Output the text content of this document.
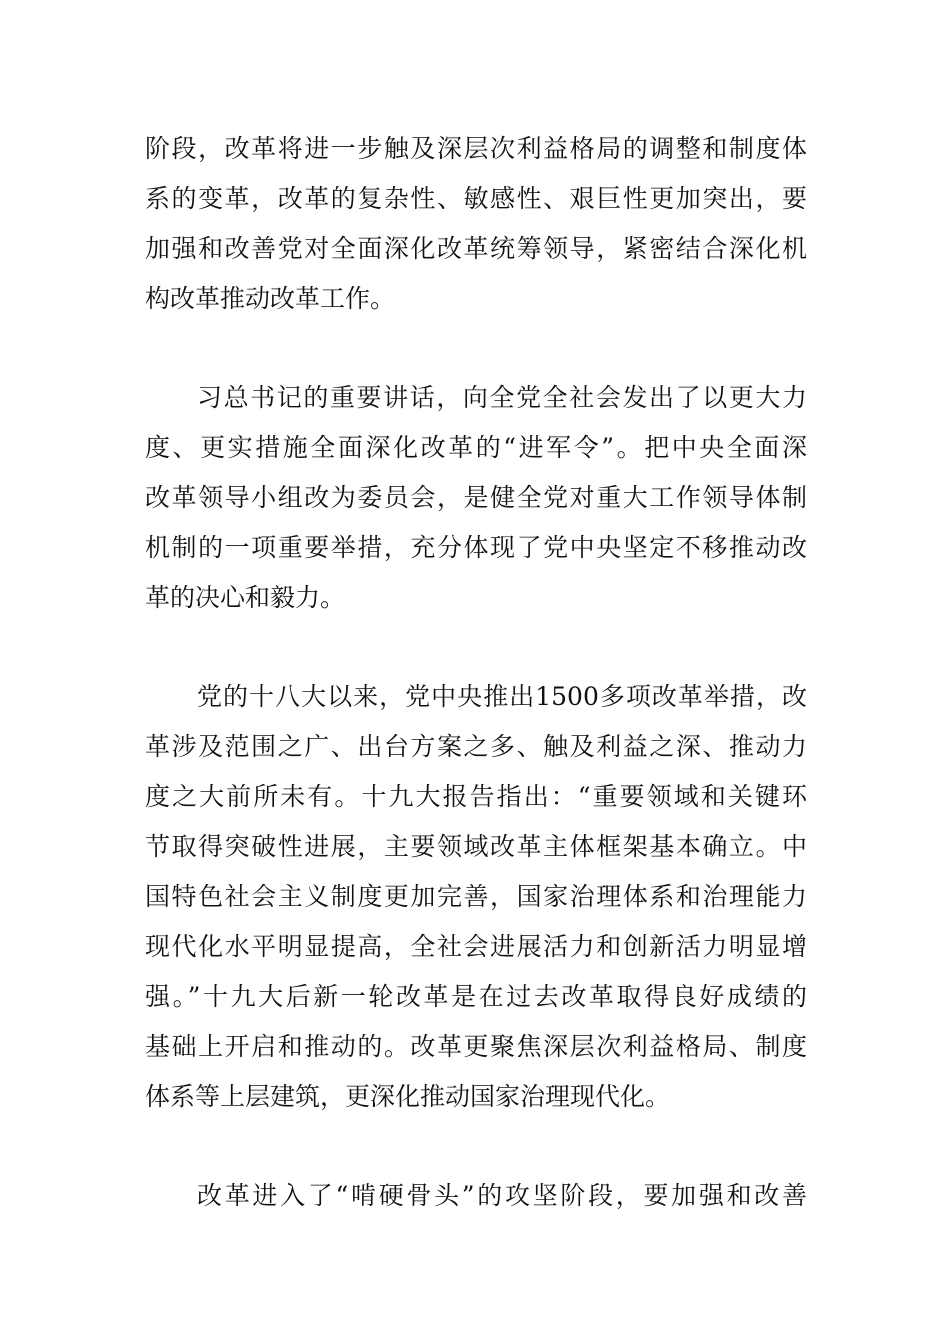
阶段，改革将进一步触及深层次利益格局的调整和制度体
系的变革，改革的复杂性、敏感性、艰巨性更加突出，要
加强和改善党对全面深化改革统筹领导，紧密结合深化机
构改革推动改革工作。
习总书记的重要讲话，向全党全社会发出了以更大力
度、更实措施全面深化改革的“进军令”。把中央全面深
改革领导小组改为委员会，是健全党对重大工作领导体制
机制的一项重要举措，充分体现了党中央坚定不移推动改
革的决心和毅力。
党的十八大以来，党中央推出1500多项改革举措，改
革涉及范围之广、出台方案之多、触及利益之深、推动力
度之大前所未有。十九大报告指出：“重要领域和关键环
节取得突破性进展，主要领域改革主体框架基本确立。中
国特色社会主义制度更加完善，国家治理体系和治理能力
现代化水平明显提高，全社会进展活力和创新活力明显增
强。”十九大后新一轮改革是在过去改革取得良好成绩的
基础上开启和推动的。改革更聚焦深层次利益格局、制度
体系等上层建筑，更深化推动国家治理现代化。
改革进入了“啃硬骨头”的攻坚阶段，要加强和改善
